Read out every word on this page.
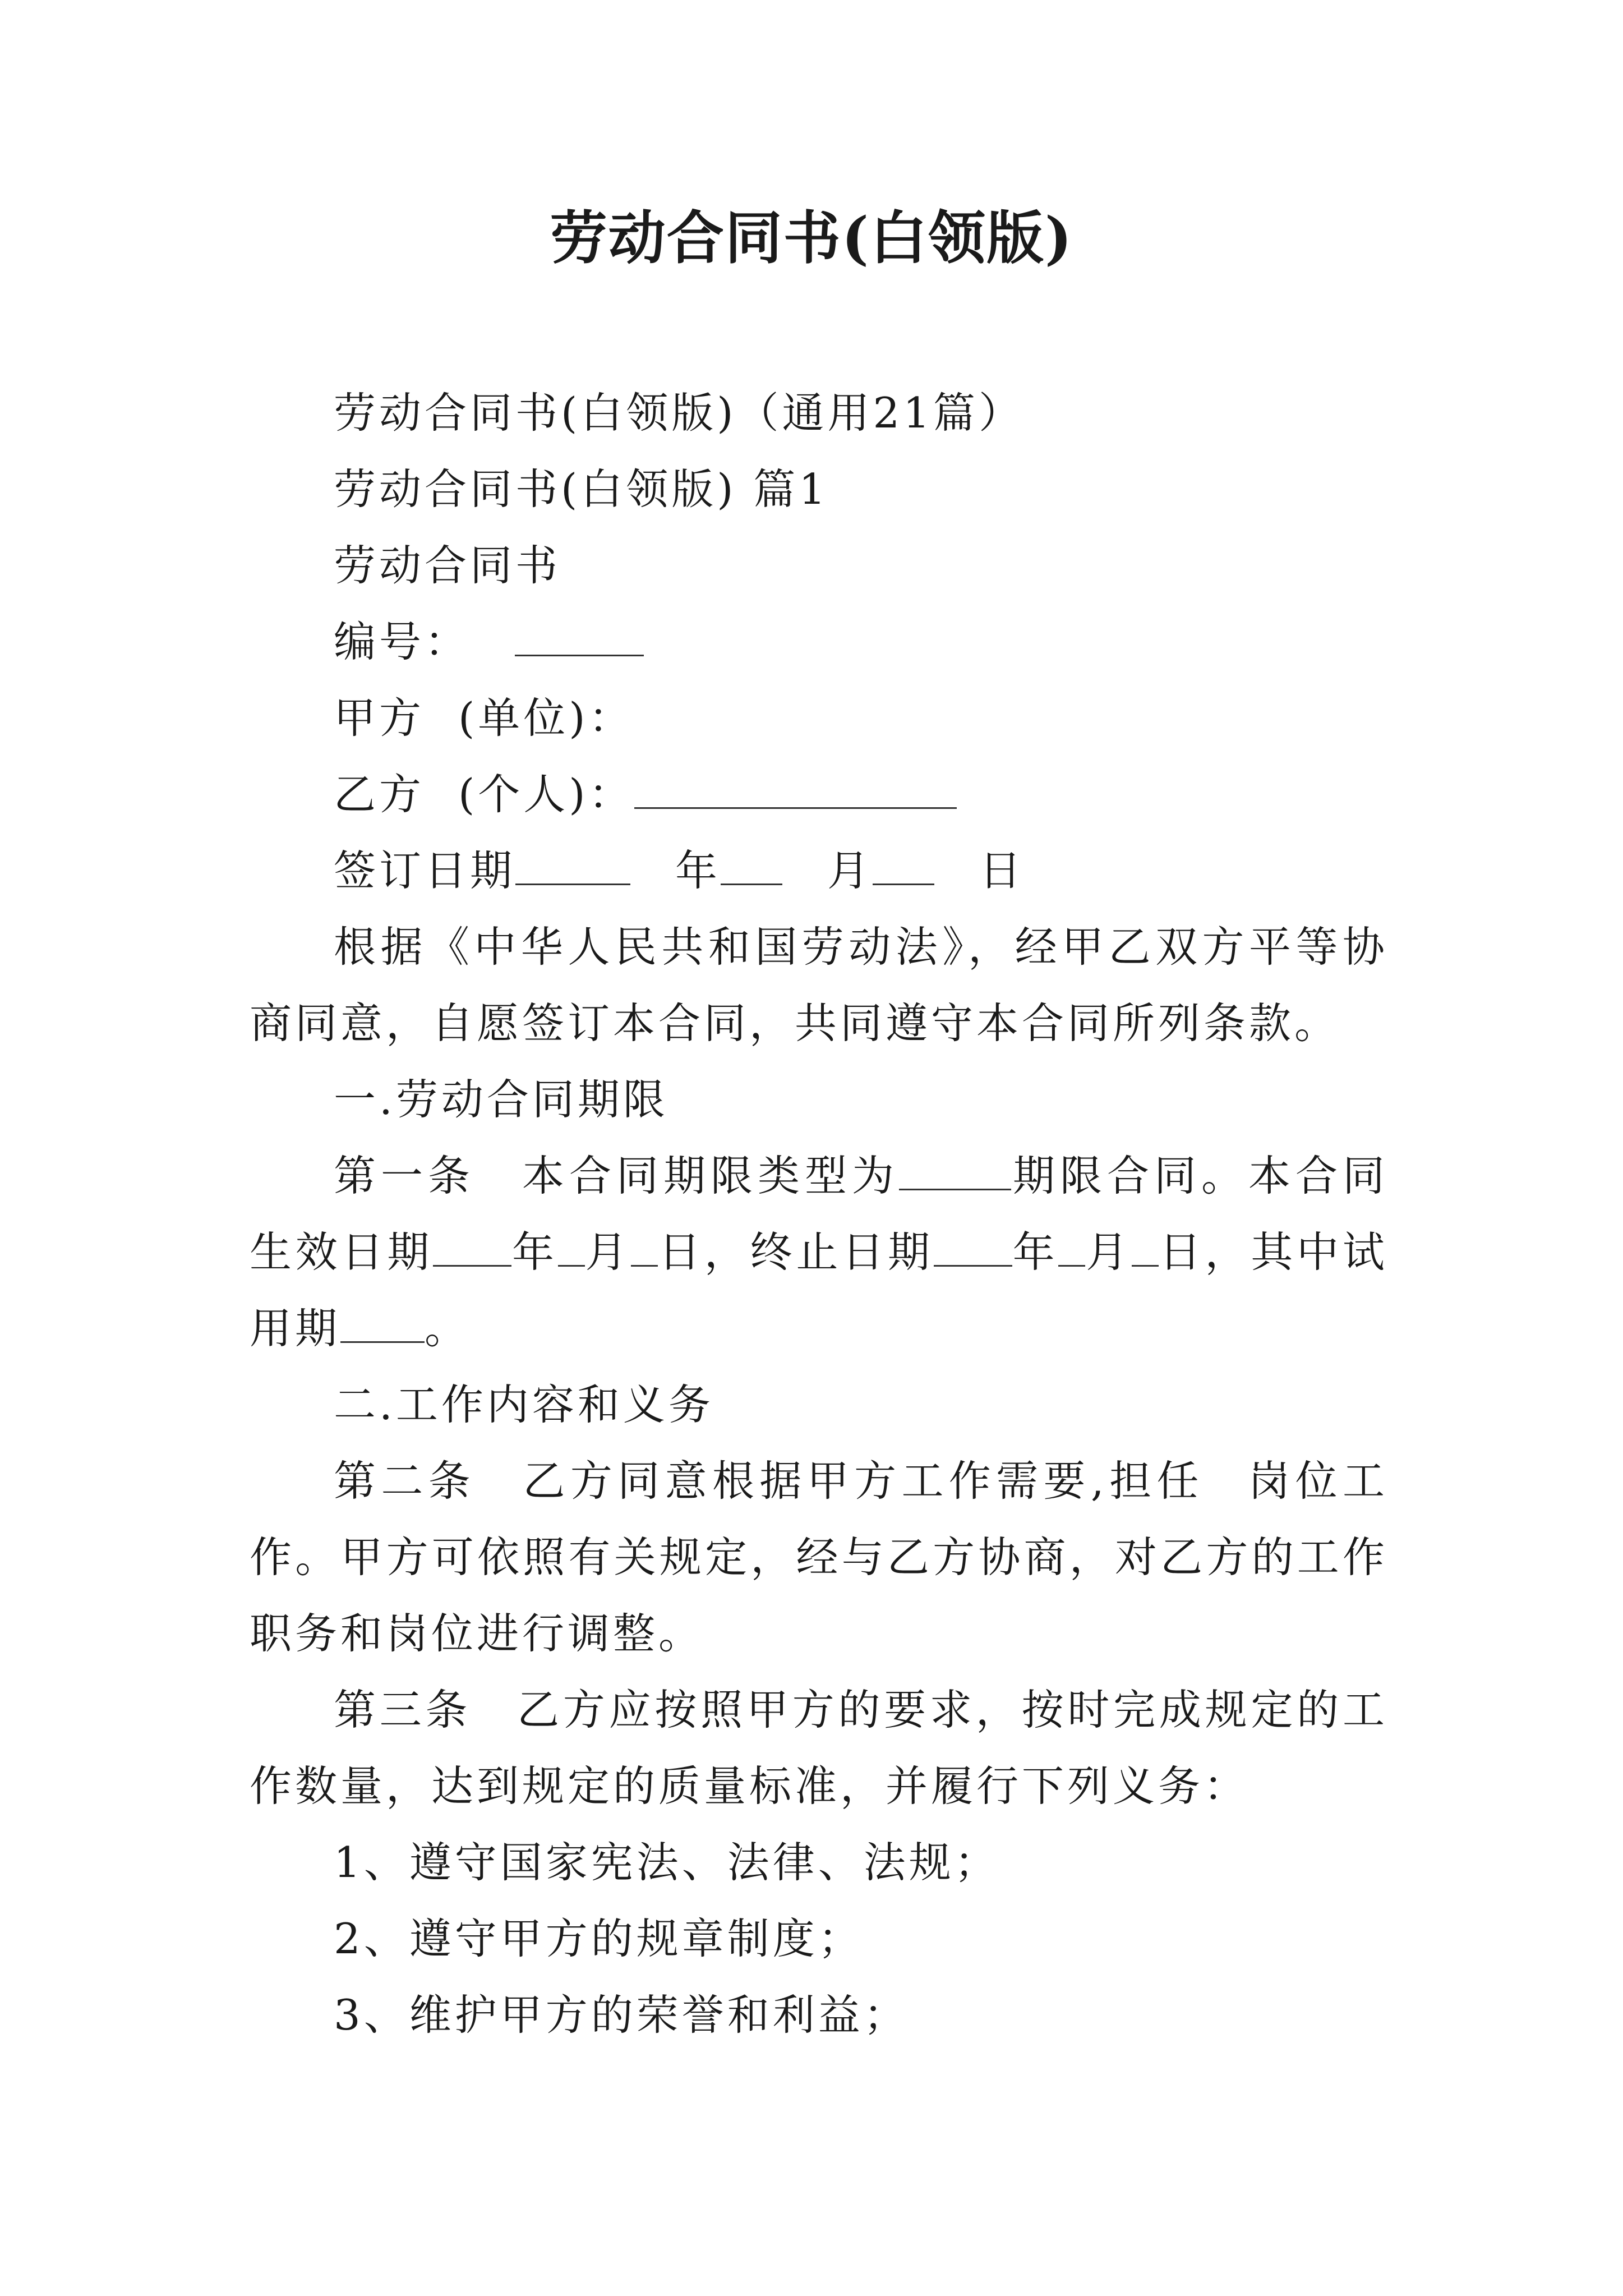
劳动合同书(白领版)

劳动合同书(白领版)（通用21篇）

劳动合同书(白领版) 篇1

劳动合同书

编号：

甲方 (单位)：

乙方 (个人)：

签订日期	年	月	日

根据《中华人民共和国劳动法》，经甲乙双方平等协商同意，自愿签订本合同，共同遵守本合同所列条款。

一.劳动合同期限

第一条　本合同期限类型为	期限合同。本合同生效日期 年 月 日，终止日期 年 月 日，其中试用期 。

二.工作内容和义务

第二条　乙方同意根据甲方工作需要,担任 岗位工作。甲方可依照有关规定，经与乙方协商，对乙方的工作职务和岗位进行调整。

第三条　乙方应按照甲方的要求，按时完成规定的工作数量，达到规定的质量标准，并履行下列义务：

1、遵守国家宪法、法律、法规；

2、遵守甲方的规章制度；

3、维护甲方的荣誉和利益；
